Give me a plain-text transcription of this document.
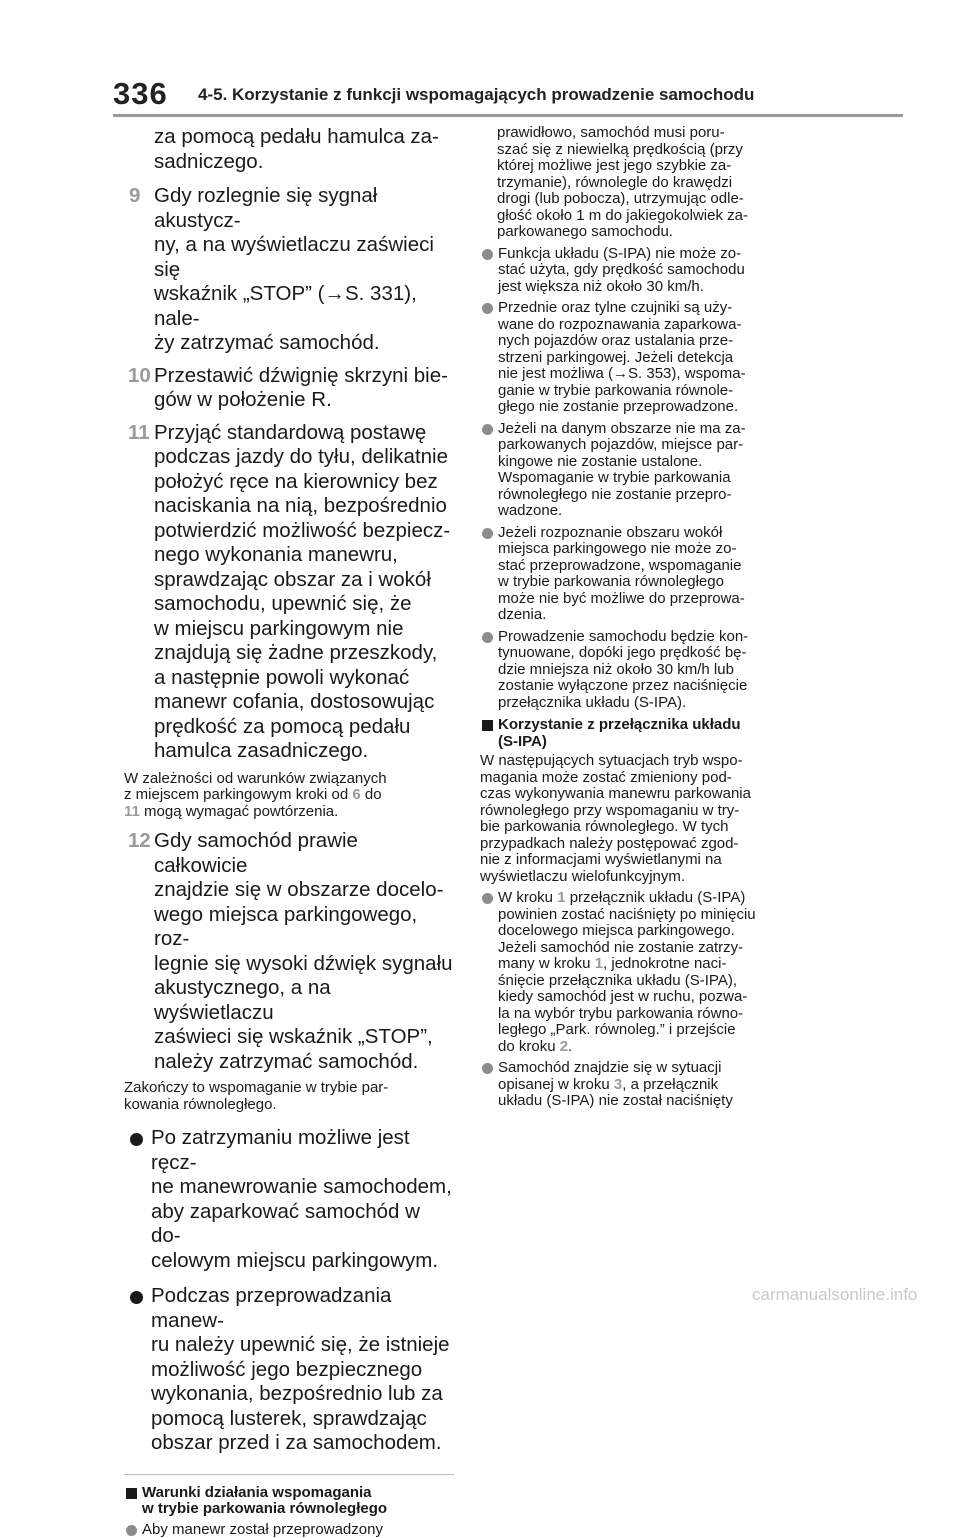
336 4-5. Korzystanie z funkcji wspomagających prowadzenie samochodu
za pomocą pedału hamulca za-
sadniczego.
9 Gdy rozlegnie się sygnał akustycz-
ny, a na wyświetlaczu zaświeci się
wskaźnik „STOP” (→S. 331), nale-
ży zatrzymać samochód.
10 Przestawić dźwignię skrzyni bie-
gów w położenie R.
11 Przyjąć standardową postawę
podczas jazdy do tyłu, delikatnie
położyć ręce na kierownicy bez
naciskania na nią, bezpośrednio
potwierdzić możliwość bezpiecz-
nego wykonania manewru,
sprawdzając obszar za i wokół
samochodu, upewnić się, że
w miejscu parkingowym nie
znajdują się żadne przeszkody,
a następnie powoli wykonać
manewr cofania, dostosowując
prędkość za pomocą pedału
hamulca zasadniczego.
W zależności od warunków związanych
z miejscem parkingowym kroki od 6 do
11 mogą wymagać powtórzenia.
12 Gdy samochód prawie całkowicie
znajdzie się w obszarze docelo-
wego miejsca parkingowego, roz-
legnie się wysoki dźwięk sygnału
akustycznego, a na wyświetlaczu
zaświeci się wskaźnik „STOP”,
należy zatrzymać samochód.
Zakończy to wspomaganie w trybie par-
kowania równoległego.
Po zatrzymaniu możliwe jest ręcz-
ne manewrowanie samochodem,
aby zaparkować samochód w do-
celowym miejscu parkingowym.
Podczas przeprowadzania manew-
ru należy upewnić się, że istnieje
możliwość jego bezpiecznego
wykonania, bezpośrednio lub za
pomocą lusterek, sprawdzając
obszar przed i za samochodem.
Warunki działania wspomagania
w trybie parkowania równoległego
Aby manewr został przeprowadzony
prawidłowo, samochód musi poru-
szać się z niewielką prędkością (przy
której możliwe jest jego szybkie za-
trzymanie), równolegle do krawędzi
drogi (lub pobocza), utrzymując odle-
głość około 1 m do jakiegokolwiek za-
parkowanego samochodu.
Funkcja układu (S-IPA) nie może zo-
stać użyta, gdy prędkość samochodu
jest większa niż około 30 km/h.
Przednie oraz tylne czujniki są uży-
wane do rozpoznawania zaparkowa-
nych pojazdów oraz ustalania prze-
strzeni parkingowej. Jeżeli detekcja
nie jest możliwa (→S. 353), wspoma-
ganie w trybie parkowania równole-
głego nie zostanie przeprowadzone.
Jeżeli na danym obszarze nie ma za-
parkowanych pojazdów, miejsce par-
kingowe nie zostanie ustalone.
Wspomaganie w trybie parkowania
równoległego nie zostanie przepro-
wadzone.
Jeżeli rozpoznanie obszaru wokół
miejsca parkingowego nie może zo-
stać przeprowadzone, wspomaganie
w trybie parkowania równoległego
może nie być możliwe do przeprowa-
dzenia.
Prowadzenie samochodu będzie kon-
tynuowane, dopóki jego prędkość bę-
dzie mniejsza niż około 30 km/h lub
zostanie wyłączone przez naciśnięcie
przełącznika układu (S-IPA).
Korzystanie z przełącznika układu
(S-IPA)
W następujących sytuacjach tryb wspo-
magania może zostać zmieniony pod-
czas wykonywania manewru parkowania
równoległego przy wspomaganiu w try-
bie parkowania równoległego. W tych
przypadkach należy postępować zgod-
nie z informacjami wyświetlanymi na
wyświetlaczu wielofunkcyjnym.
W kroku 1 przełącznik układu (S-IPA)
powinien zostać naciśnięty po minięciu
docelowego miejsca parkingowego.
Jeżeli samochód nie zostanie zatrzy-
many w kroku 1, jednokrotne naci-
śnięcie przełącznika układu (S-IPA),
kiedy samochód jest w ruchu, pozwa-
la na wybór trybu parkowania równo-
ległego „Park. równoleg.” i przejście
do kroku 2.
Samochód znajdzie się w sytuacji
opisanej w kroku 3, a przełącznik
układu (S-IPA) nie został naciśnięty
carmanualsonline.info
